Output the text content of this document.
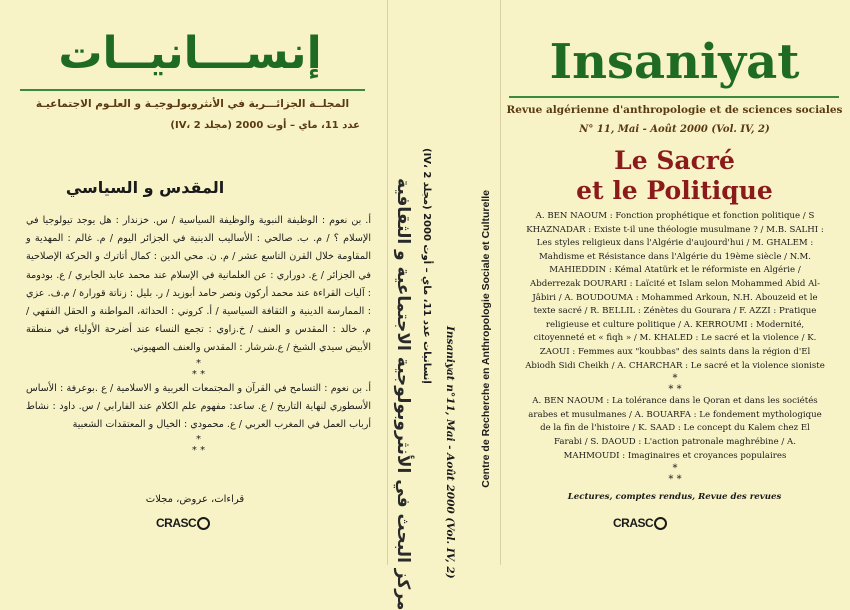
إنســـانيــات
المجلــة الجزائـــرية في الأنثروبولـوجيـة و العلـوم الاجتماعيـة
عدد 11، ماي – أوت 2000 (مجلد IV، 2)
المقدس و السياسي

أ. بن نعوم : الوظيفة النبوية والوظيفة السياسية / س. خزندار : هل يوجد تيولوجيا في الإسلام ؟ / م. ب. صالحي : الأساليب الدينية في الجزائر اليوم / م. غالم : المهدية و المقاومة خلال القرن التاسع عشر / م. ن. محي الدين : كمال أتاترك و الحركة الإصلاحية في الجزائر / ع. دوراري : عن العلمانية في الإسلام عند محمد عابد الجابري / ع. بودومة : آليات القراءة عند محمد أركون ونصر حامد أبوزيد / ر. بليل : زناتة قورارة / م.ف. عزي : الممارسة الدينية و الثقافة السياسية / أ. كروني : الحداثة، المواطنة و الحقل الفقهي / م. خالد : المقدس و العنف / خ.زاوي : تجمع النساء عند أضرحة الأولياء في منطقة الأبيض سيدي الشيخ / ع.شرشار : المقدس والعنف الصهيوني.

*
* *

أ. بن نعوم : التسامح في القرآن و المجتمعات العربية و الاسلامية / ع .بوعرفة : الأساس الأسطوري لنهاية التاريخ / ع. ساعد: مفهوم علم الكلام عند الفارابي / س. داود : نشاط أرباب العمل في المغرب العربي / ع. محمودي : الخيال و المعتقدات الشعبية

*
* *
قراءات، عروض، مجلات
CRASC	مركز البحث في الأنثروبولوجية الاجتماعية و الثقافية
إنسانيات عدد 11، ماي – أوت 2000 (مجلد IV، 2) Insaniyat n°11, Mai - Août 2000 (Vol. IV, 2) Centre de Recherche en Anthropologie Sociale et Culturelle
Insaniyat
Revue algérienne d'anthropologie et de sciences sociales
N° 11, Mai - Août 2000 (Vol. IV, 2)
Le Sacré
et le Politique

A. BEN NAOUM : Fonction prophétique et fonction politique / S KHAZNADAR : Existe t-il une théologie musulmane ? / M.B. SALHI : Les styles religieux dans l'Algérie d'aujourd'hui / M. GHALEM : Mahdisme et Résistance dans l'Algérie du 19ème siècle / N.M. MAHIEDDIN : Kémal Atatürk et le réformiste en Algérie / Abderrezak DOURARI : Laïcité et Islam selon Mohammed Abid Al-Jâbiri / A. BOUDOUMA : Mohammed Arkoun, N.H. Abouzeid et le texte sacré / R. BELLIL : Zénètes du Gourara / F. AZZI : Pratique religieuse et culture politique / A. KERROUMI : Modernité, citoyenneté et « fiqh » / M. KHALED : Le sacré et la violence / K. ZAOUI : Femmes aux "koubbas" des saints dans la région d'El Abiodh Sidi Cheikh / A. CHARCHAR : Le sacré et la violence sioniste

*
* *

A. BEN NAOUM : La tolérance dans le Qoran et dans les sociétés arabes et musulmanes / A. BOUARFA : Le fondement mythologique de la fin de l'histoire / K. SAAD : Le concept du Kalem chez El Farabi / S. DAOUD : L'action patronale maghrébine / A. MAHMOUDI : Imaginaires et croyances populaires

*
* *
Lectures, comptes rendus, Revue des revues
CRASC
